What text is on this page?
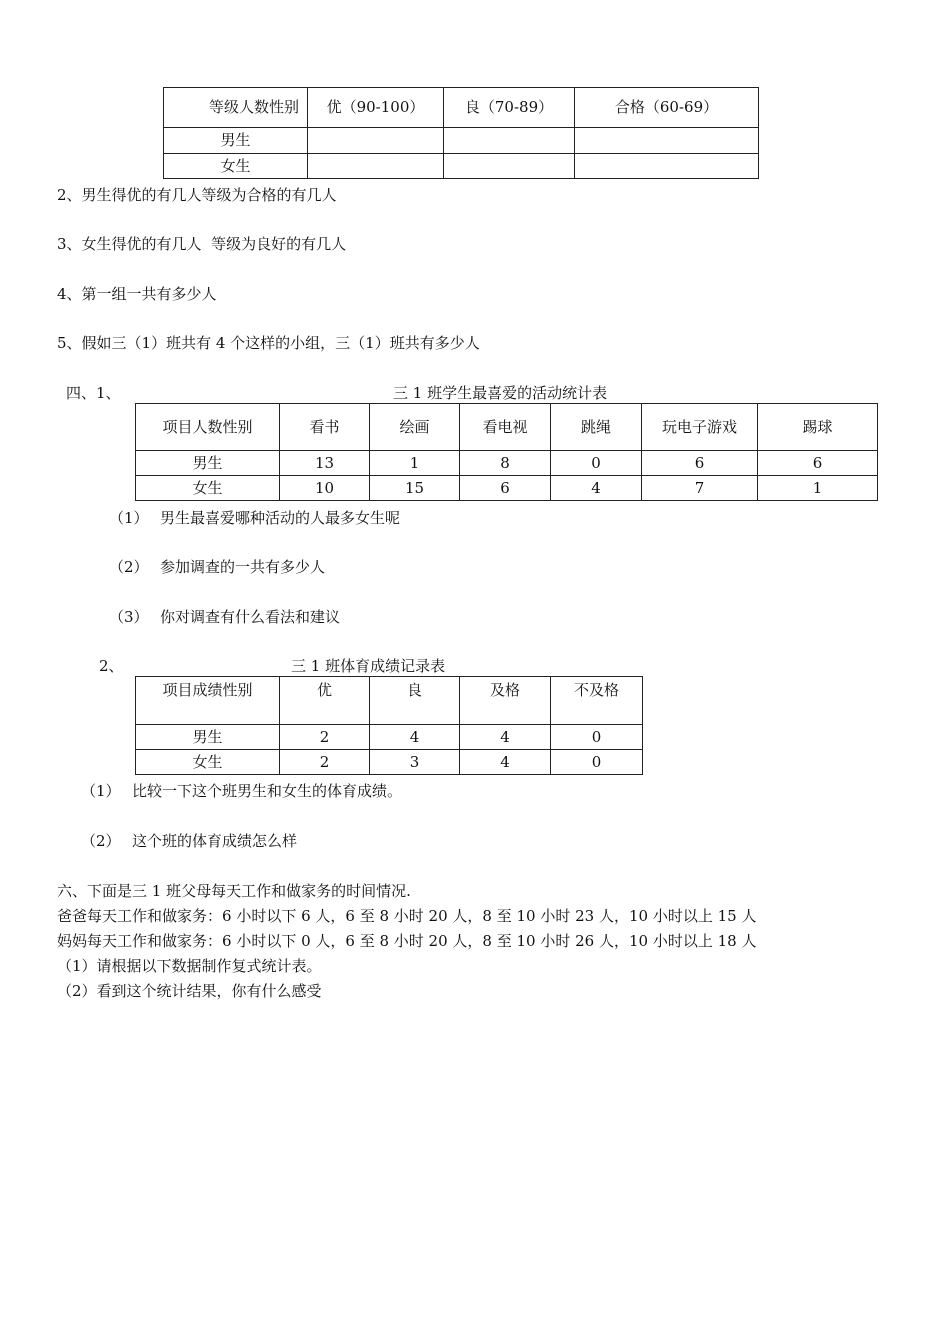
等级人数性别	优（90-100）	良（70-89）	合格（60-69）
男生			
女生			
2、男生得优的有几人等级为合格的有几人
3、女生得优的有几人  等级为良好的有几人
4、第一组一共有多少人
5、假如三（1）班共有 4 个这样的小组，三（1）班共有多少人
四、1、	三 1 班学生最喜爱的活动统计表
项目人数性别	看书	绘画	看电视	跳绳	玩电子游戏	踢球
男生	13	1	8	0	6	6
女生	10	15	6	4	7	1
（1） 男生最喜爱哪种活动的人最多女生呢
（2） 参加调查的一共有多少人
（3） 你对调查有什么看法和建议
2、	三 1 班体育成绩记录表
项目成绩性别	优	良	及格	不及格
男生	2	4	4	0
女生	2	3	4	0
（1） 比较一下这个班男生和女生的体育成绩。
（2） 这个班的体育成绩怎么样
六、下面是三 1 班父母每天工作和做家务的时间情况.
爸爸每天工作和做家务：6 小时以下 6 人，6 至 8 小时 20 人，8 至 10 小时 23 人，10 小时以上 15 人
妈妈每天工作和做家务：6 小时以下 0 人，6 至 8 小时 20 人，8 至 10 小时 26 人，10 小时以上 18 人
（1）请根据以下数据制作复式统计表。
（2）看到这个统计结果，你有什么感受
